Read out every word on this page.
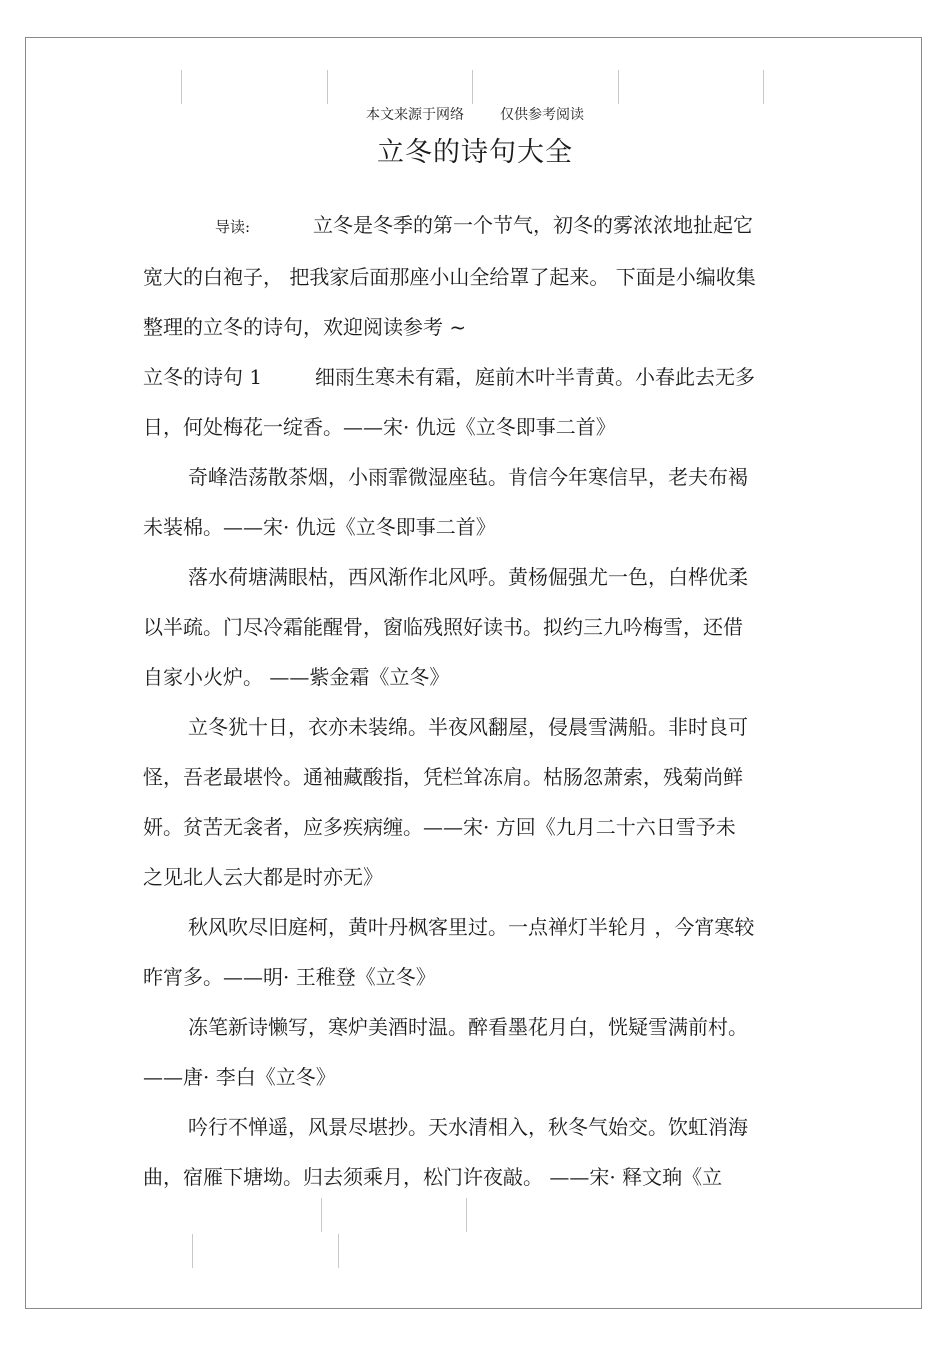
本文来源于网络	仅供参考阅读
立冬的诗句大全

导读:	立冬是冬季的第一个节气，初冬的雾浓浓地扯起它

宽大的白袍子， 把我家后面那座小山全给罩了起来。 下面是小编收集

整理的立冬的诗句，欢迎阅读参考 ~

立冬的诗句 1	细雨生寒未有霜，庭前木叶半青黄。小春此去无多

日，何处梅花一绽香。——宋· 仇远《立冬即事二首》

奇峰浩荡散茶烟，小雨霏微湿座毡。肯信今年寒信早，老夫布褐

未装棉。——宋· 仇远《立冬即事二首》

落水荷塘满眼枯，西风渐作北风呼。黄杨倔强尤一色，白桦优柔

以半疏。门尽冷霜能醒骨，窗临残照好读书。拟约三九吟梅雪，还借

自家小火炉。 ——紫金霜《立冬》

立冬犹十日，衣亦未装绵。半夜风翻屋，侵晨雪满船。非时良可

怪，吾老最堪怜。通袖藏酸指，凭栏耸冻肩。枯肠忽萧索，残菊尚鲜

妍。贫苦无衾者，应多疾病缠。——宋· 方回《九月二十六日雪予未

之见北人云大都是时亦无》

秋风吹尽旧庭柯，黄叶丹枫客里过。一点禅灯半轮月 ，今宵寒较

昨宵多。——明· 王稚登《立冬》

冻笔新诗懒写，寒炉美酒时温。醉看墨花月白，恍疑雪满前村。

——唐· 李白《立冬》

吟行不惮遥，风景尽堪抄。天水清相入，秋冬气始交。饮虹消海

曲，宿雁下塘坳。归去须乘月，松门许夜敲。 ——宋· 释文珦《立
